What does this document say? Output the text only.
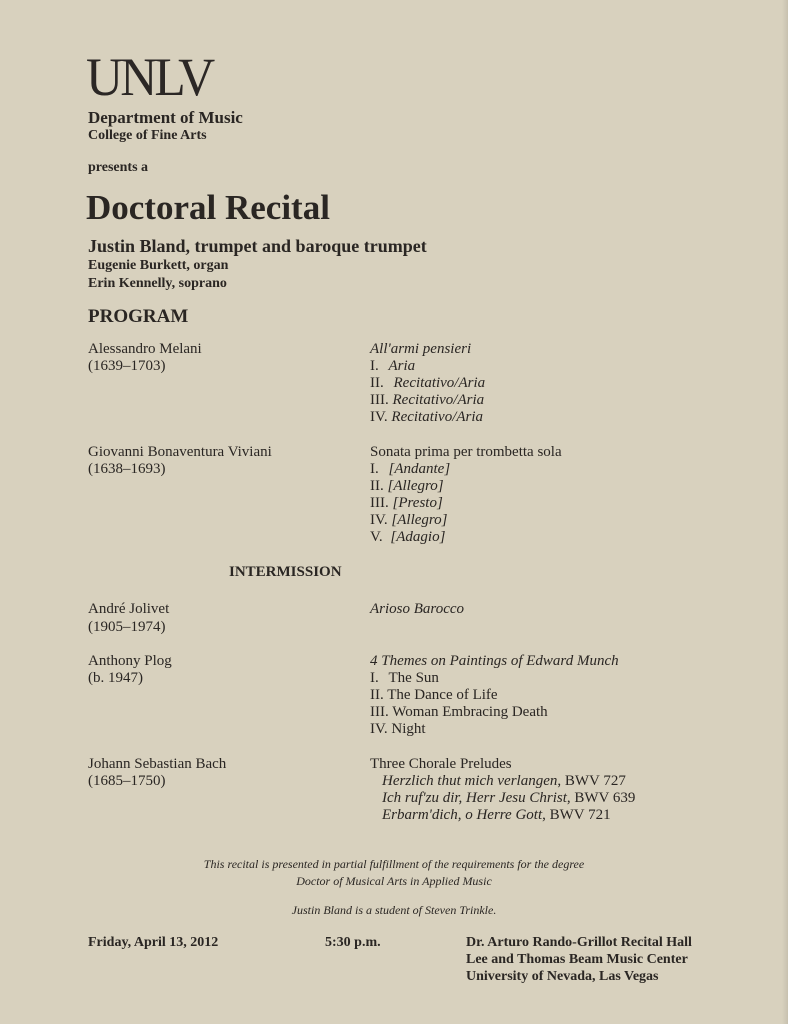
UNLV
Department of Music
College of Fine Arts
presents a
Doctoral Recital
Justin Bland, trumpet and baroque trumpet
Eugenie Burkett, organ
Erin Kennelly, soprano
PROGRAM
Alessandro Melani
(1639–1703)
All'armi pensieri
I. Aria
II. Recitativo/Aria
III. Recitativo/Aria
IV. Recitativo/Aria
Giovanni Bonaventura Viviani
(1638–1693)
Sonata prima per trombetta sola
I. [Andante]
II. [Allegro]
III. [Presto]
IV. [Allegro]
V. [Adagio]
INTERMISSION
André Jolivet
(1905–1974)
Arioso Barocco
Anthony Plog
(b. 1947)
4 Themes on Paintings of Edward Munch
I. The Sun
II. The Dance of Life
III. Woman Embracing Death
IV. Night
Johann Sebastian Bach
(1685–1750)
Three Chorale Preludes
Herzlich thut mich verlangen, BWV 727
Ich ruf'zu dir, Herr Jesu Christ, BWV 639
Erbarm'dich, o Herre Gott, BWV 721
This recital is presented in partial fulfillment of the requirements for the degree
Doctor of Musical Arts in Applied Music
Justin Bland is a student of Steven Trinkle.
Friday, April 13, 2012	5:30 p.m.	Dr. Arturo Rando-Grillot Recital Hall
Lee and Thomas Beam Music Center
University of Nevada, Las Vegas
